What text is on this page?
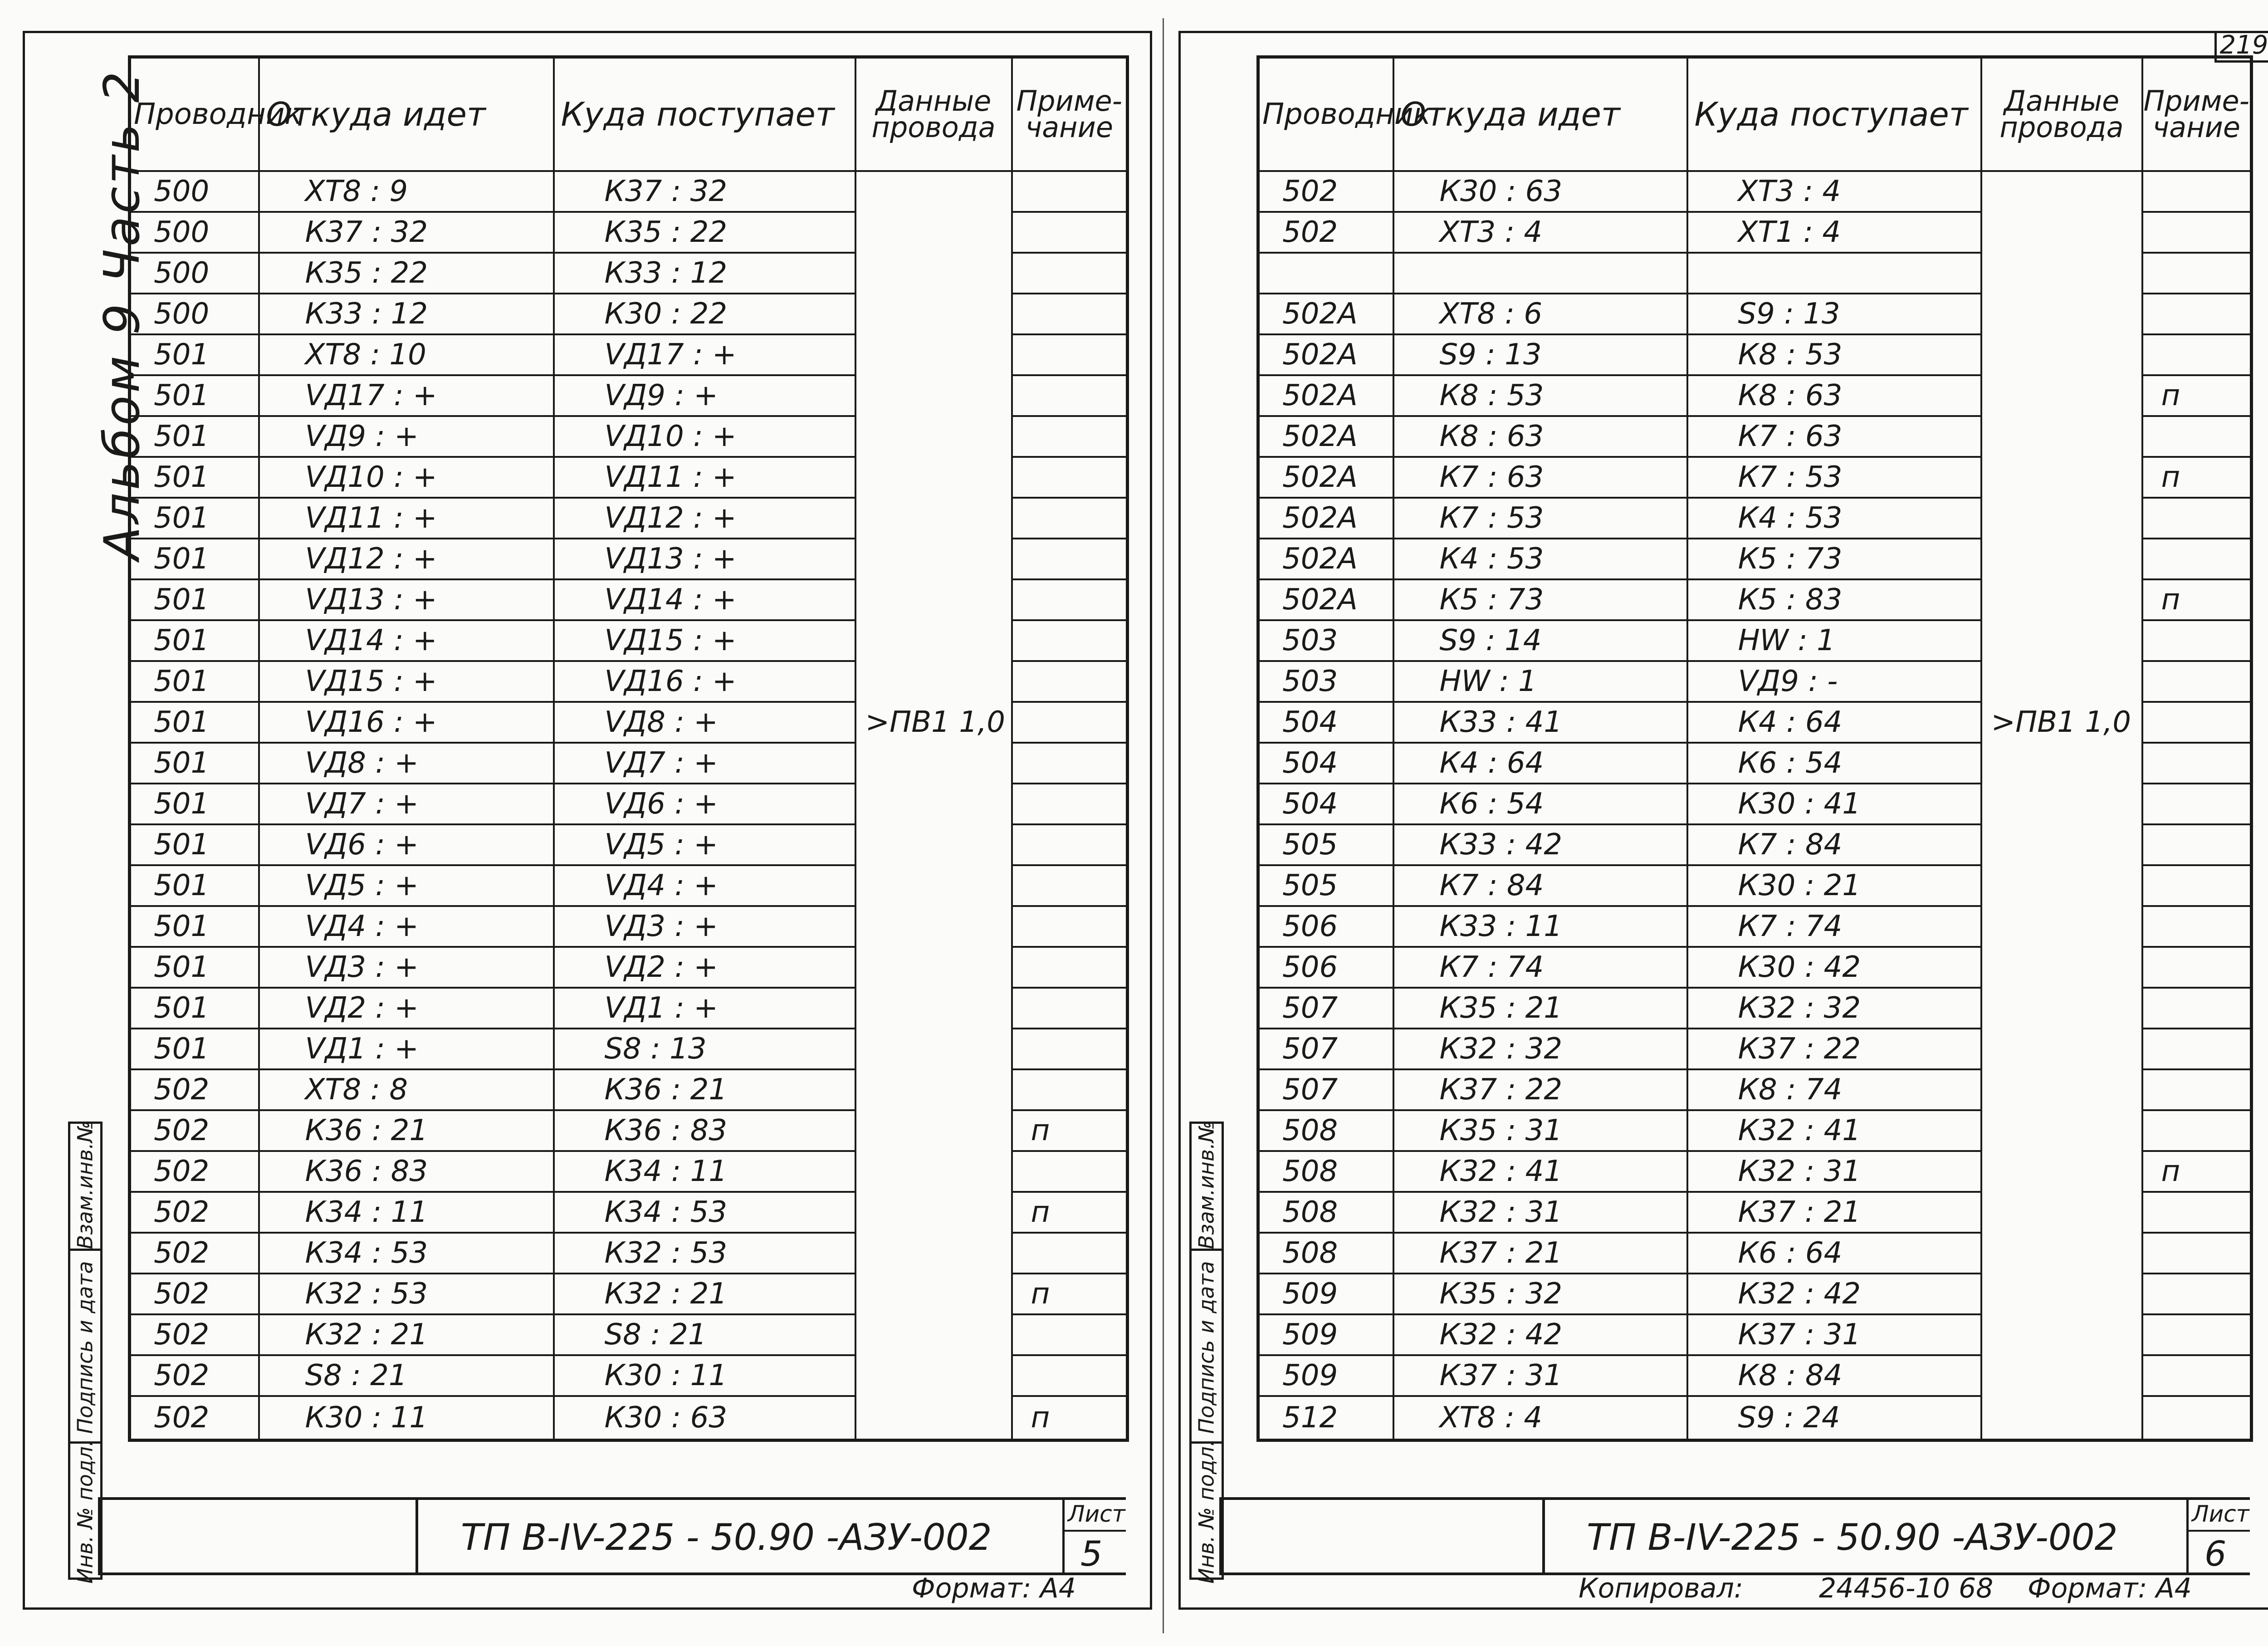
219
Альбом 9 Часть 2
Проводник	Откуда идет	Куда поступает	Данные
провода	Приме-
чание
500	ХТ8 : 9	К37 : 32		
500	К37 : 32	К35 : 22		
500	К35 : 22	К33 : 12		
500	К33 : 12	К30 : 22		
501	ХТ8 : 10	VД17 : +		
501	VД17 : +	VД9 : +		
501	VД9 : +	VД10 : +		
501	VД10 : +	VД11 : +		
501	VД11 : +	VД12 : +		
501	VД12 : +	VД13 : +		
501	VД13 : +	VД14 : +		
501	VД14 : +	VД15 : +		
501	VД15 : +	VД16 : +		
501	VД16 : +	VД8 : +	>ПВ1 1,0	
501	VД8 : +	VД7 : +		
501	VД7 : +	VД6 : +		
501	VД6 : +	VД5 : +		
501	VД5 : +	VД4 : +		
501	VД4 : +	VД3 : +		
501	VД3 : +	VД2 : +		
501	VД2 : +	VД1 : +		
501	VД1 : +	S8 : 13		
502	ХТ8 : 8	К36 : 21		
502	К36 : 21	К36 : 83		п
502	К36 : 83	К34 : 11		
502	К34 : 11	К34 : 53		п
502	К34 : 53	К32 : 53		
502	К32 : 53	К32 : 21		п
502	К32 : 21	S8 : 21		
502	S8 : 21	К30 : 11		
502	К30 : 11	К30 : 63		п
Взам.инв.№
Подпись и дата
Инв. № подл.	ТП В-IV-225 - 50.90 -АЗУ-002
Лист
5
Формат: А4
Проводник	Откуда идет	Куда поступает	Данные
провода	Приме-
чание
502	К30 : 63	ХТ3 : 4		
502	ХТ3 : 4	ХТ1 : 4		

502А	ХТ8 : 6	S9 : 13		
502А	S9 : 13	К8 : 53		
502А	К8 : 53	К8 : 63		п
502А	К8 : 63	К7 : 63		
502А	К7 : 63	К7 : 53		п
502А	К7 : 53	К4 : 53		
502А	К4 : 53	К5 : 73		
502А	К5 : 73	К5 : 83		п
503	S9 : 14	HW : 1		
503	HW : 1	VД9 : -		
504	К33 : 41	К4 : 64	>ПВ1 1,0	
504	К4 : 64	К6 : 54		
504	К6 : 54	К30 : 41		
505	К33 : 42	К7 : 84		
505	К7 : 84	К30 : 21		
506	К33 : 11	К7 : 74		
506	К7 : 74	К30 : 42		
507	К35 : 21	К32 : 32		
507	К32 : 32	К37 : 22		
507	К37 : 22	К8 : 74		
508	К35 : 31	К32 : 41		
508	К32 : 41	К32 : 31		п
508	К32 : 31	К37 : 21		
508	К37 : 21	К6 : 64		
509	К35 : 32	К32 : 42		
509	К32 : 42	К37 : 31		
509	К37 : 31	К8 : 84		
512	ХТ8 : 4	S9 : 24		
Взам.инв.№
Подпись и дата
Инв. № подл.	ТП В-IV-225 - 50.90 -АЗУ-002
Лист
6
Копировал:	24456-10 68 Формат: А4
